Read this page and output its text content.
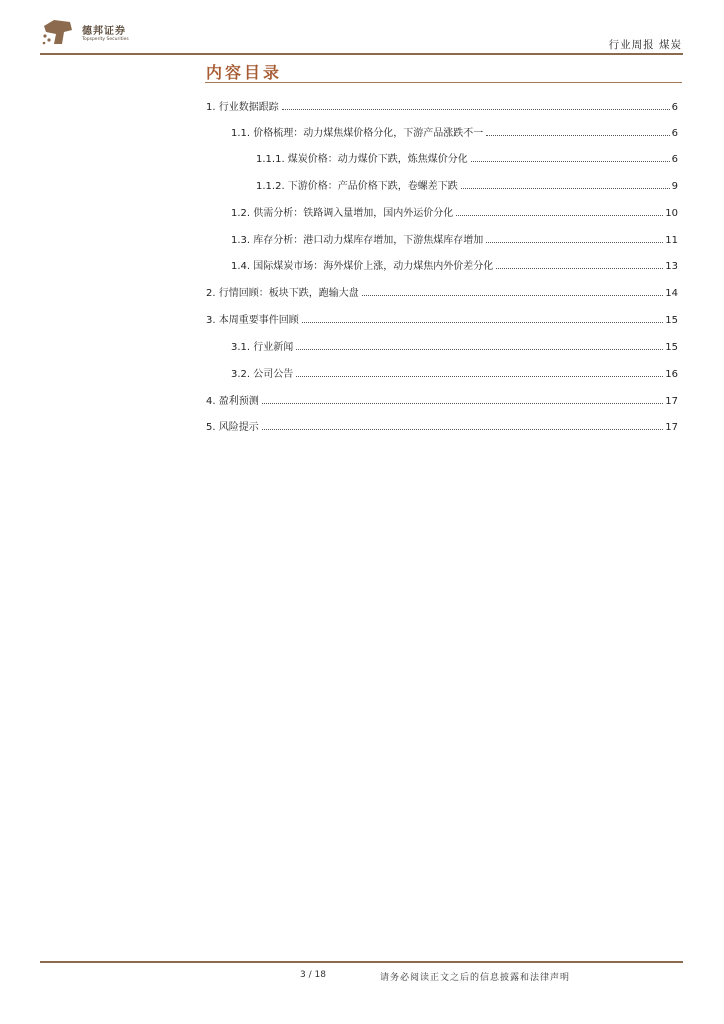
德邦证券
Topsperity Securities	行业周报 煤炭
内容目录
1. 行业数据跟踪	6
1.1. 价格梳理：动力煤焦煤价格分化，下游产品涨跌不一	6
1.1.1. 煤炭价格：动力煤价下跌，炼焦煤价分化	6
1.1.2. 下游价格：产品价格下跌，卷螺差下跌	9
1.2. 供需分析：铁路调入量增加，国内外运价分化	10
1.3. 库存分析：港口动力煤库存增加，下游焦煤库存增加	11
1.4. 国际煤炭市场：海外煤价上涨，动力煤焦内外价差分化	13
2. 行情回顾：板块下跌，跑输大盘	14
3. 本周重要事件回顾	15
3.1. 行业新闻	15
3.2. 公司公告	16
4. 盈利预测	17
5. 风险提示	17
3 / 18	请务必阅读正文之后的信息披露和法律声明
